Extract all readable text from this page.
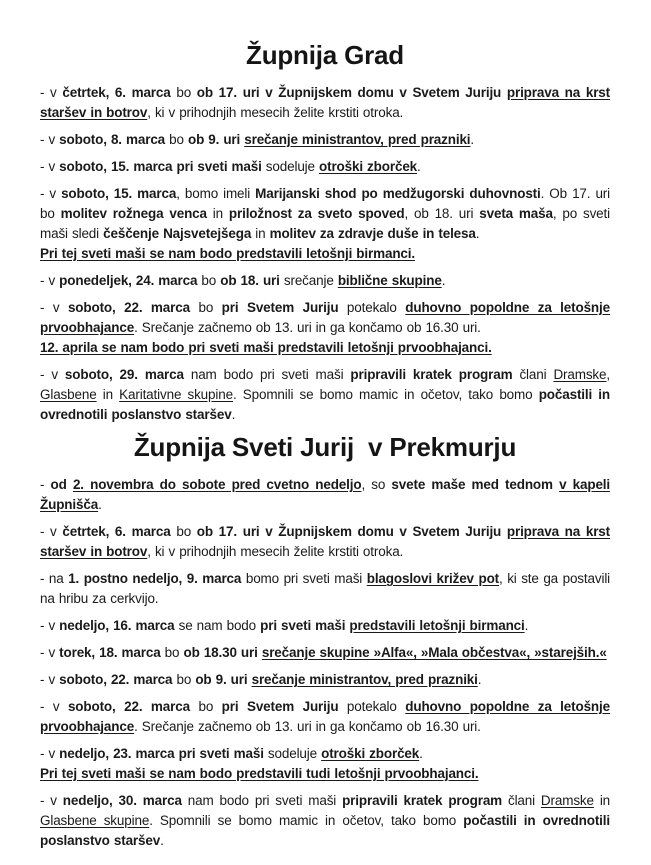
Župnija Grad

- v četrtek, 6. marca bo ob 17. uri v Župnijskem domu v Svetem Juriju priprava na krst staršev in botrov, ki v prihodnjih mesecih želite krstiti otroka.

- v soboto, 8. marca bo ob 9. uri srečanje ministrantov, pred prazniki.

- v soboto, 15. marca pri sveti maši sodeluje otroški zborček.

- v soboto, 15. marca, bomo imeli Marijanski shod po medžugorski duhovnosti. Ob 17. uri bo molitev rožnega venca in priložnost za sveto spoved, ob 18. uri sveta maša, po sveti maši sledi češčenje Najsvetejšega in molitev za zdravje duše in telesa.
Pri tej sveti maši se nam bodo predstavili letošnji birmanci.

- v ponedeljek, 24. marca bo ob 18. uri srečanje biblične skupine.

- v soboto, 22. marca bo pri Svetem Juriju potekalo duhovno popoldne za letošnje prvoobhajance. Srečanje začnemo ob 13. uri in ga končamo ob 16.30 uri.
12. aprila se nam bodo pri sveti maši predstavili letošnji prvoobhajanci.

- v soboto, 29. marca nam bodo pri sveti maši pripravili kratek program člani Dramske, Glasbene in Karitativne skupine. Spomnili se bomo mamic in očetov, tako bomo počastili in ovrednotili poslanstvo staršev.

Župnija Sveti Jurij  v Prekmurju

- od 2. novembra do sobote pred cvetno nedeljo, so svete maše med tednom v kapeli Župnišča.

- v četrtek, 6. marca bo ob 17. uri v Župnijskem domu v Svetem Juriju priprava na krst staršev in botrov, ki v prihodnjih mesecih želite krstiti otroka.

- na 1. postno nedeljo, 9. marca bomo pri sveti maši blagoslovi križev pot, ki ste ga postavili na hribu za cerkvijo.

- v nedeljo, 16. marca se nam bodo pri sveti maši predstavili letošnji birmanci.

- v torek, 18. marca bo ob 18.30 uri srečanje skupine »Alfa«, »Mala občestva«, »starejših.«

- v soboto, 22. marca bo ob 9. uri srečanje ministrantov, pred prazniki.

- v soboto, 22. marca bo pri Svetem Juriju potekalo duhovno popoldne za letošnje prvoobhajance. Srečanje začnemo ob 13. uri in ga končamo ob 16.30 uri.

- v nedeljo, 23. marca pri sveti maši sodeluje otroški zborček.
Pri tej sveti maši se nam bodo predstavili tudi letošnji prvoobhajanci.

- v nedeljo, 30. marca nam bodo pri sveti maši pripravili kratek program člani Dramske in Glasbene skupine. Spomnili se bomo mamic in očetov, tako bomo počastili in ovrednotili poslanstvo staršev.
